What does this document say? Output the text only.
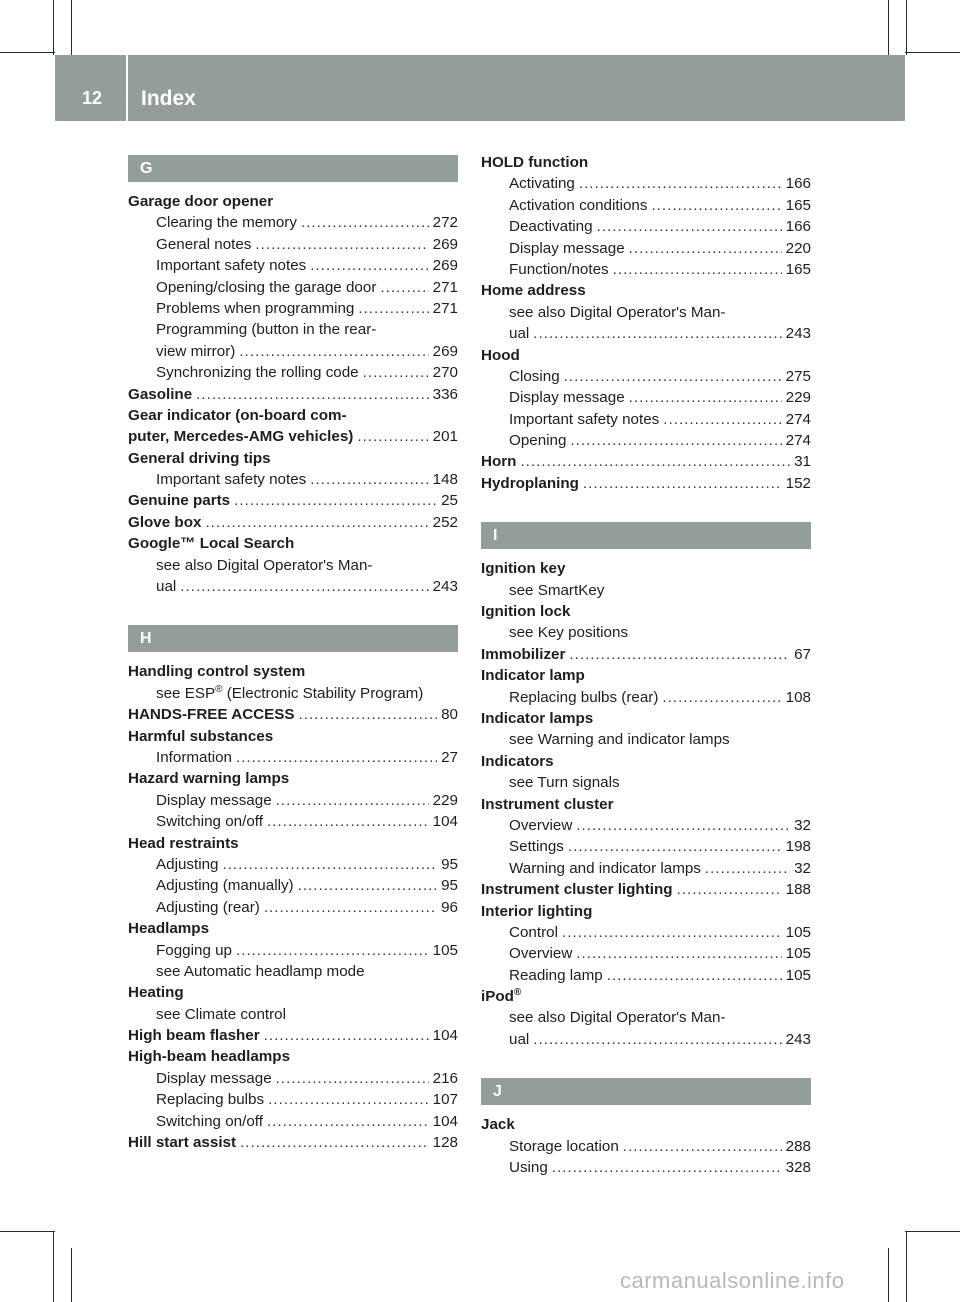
12 Index
G
Garage door opener
Clearing the memory .....	272
General notes .....	269
Important safety notes .....	269
Opening/closing the garage door .....	271
Problems when programming .....	271
Programming (button in the rear-
view mirror) .....	269
Synchronizing the rolling code .....	270
Gasoline .....	336
Gear indicator (on-board com-
puter, Mercedes-AMG vehicles) .....	201
General driving tips
Important safety notes .....	148
Genuine parts .....	25
Glove box .....	252
Google™ Local Search
see also Digital Operator's Man-
ual .....	243
H
Handling control system
see ESP® (Electronic Stability Program)
HANDS-FREE ACCESS .....	80
Harmful substances
Information .....	27
Hazard warning lamps
Display message .....	229
Switching on/off .....	104
Head restraints
Adjusting .....	95
Adjusting (manually) .....	95
Adjusting (rear) .....	96
Headlamps
Fogging up .....	105
see Automatic headlamp mode
Heating
see Climate control
High beam flasher .....	104
High-beam headlamps
Display message .....	216
Replacing bulbs .....	107
Switching on/off .....	104
Hill start assist .....	128
HOLD function
Activating .....	166
Activation conditions .....	165
Deactivating .....	166
Display message .....	220
Function/notes .....	165
Home address
see also Digital Operator's Man-
ual .....	243
Hood
Closing .....	275
Display message .....	229
Important safety notes .....	274
Opening .....	274
Horn .....	31
Hydroplaning .....	152
I
Ignition key
see SmartKey
Ignition lock
see Key positions
Immobilizer .....	67
Indicator lamp
Replacing bulbs (rear) .....	108
Indicator lamps
see Warning and indicator lamps
Indicators
see Turn signals
Instrument cluster
Overview .....	32
Settings .....	198
Warning and indicator lamps .....	32
Instrument cluster lighting .....	188
Interior lighting
Control .....	105
Overview .....	105
Reading lamp .....	105
iPod®
see also Digital Operator's Man-
ual .....	243
J
Jack
Storage location .....	288
Using .....	328
carmanualsonline.info
